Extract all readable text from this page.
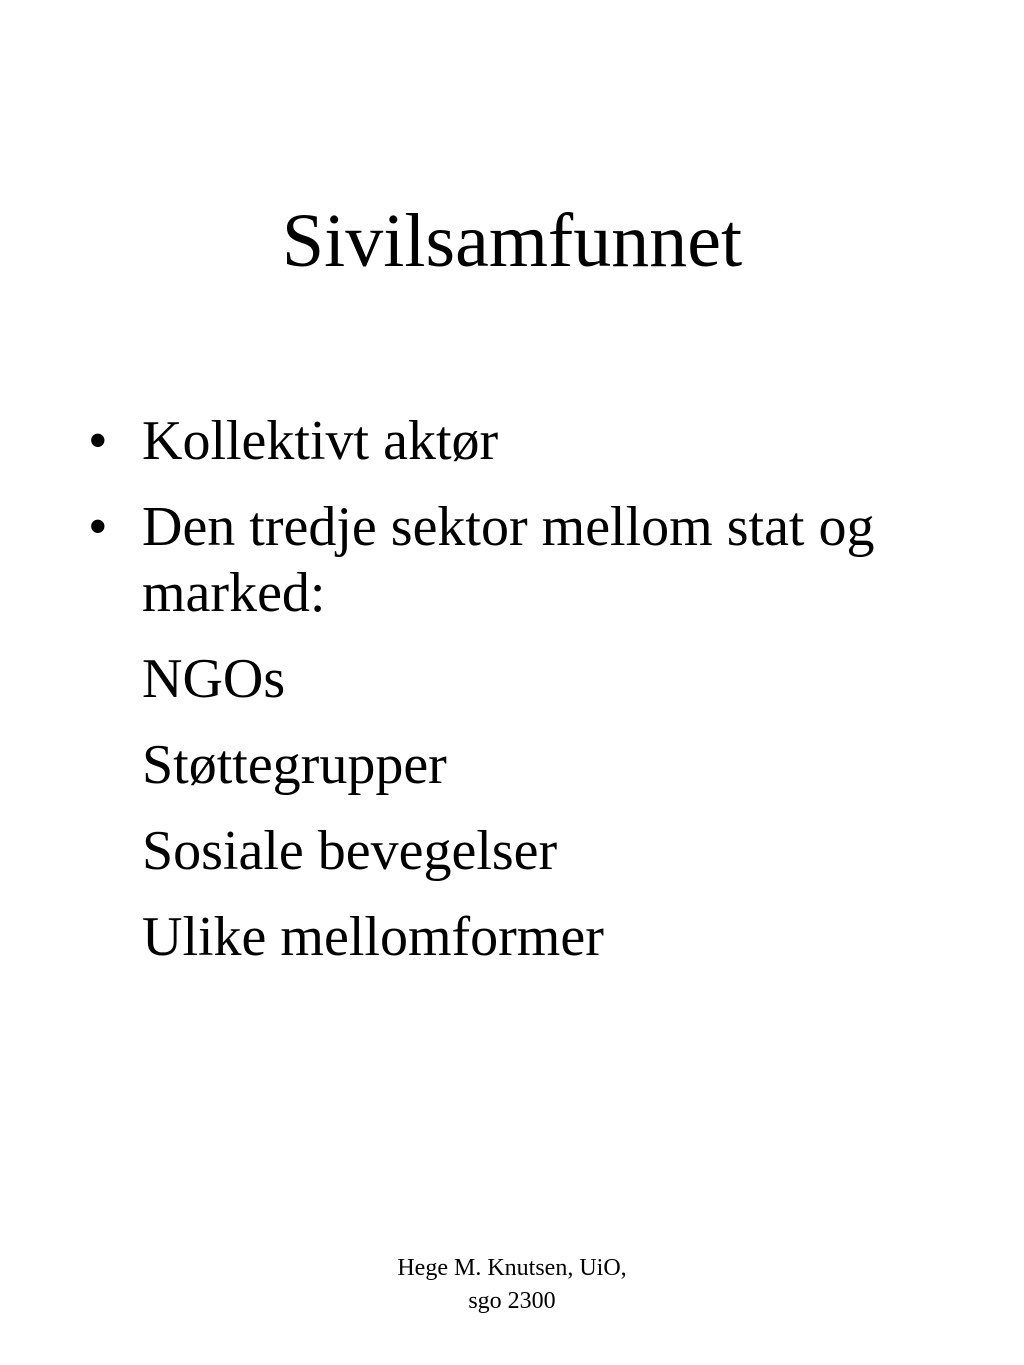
Sivilsamfunnet
• Kollektivt aktør
• Den tredje sektor mellom stat og marked:
NGOs
Støttegrupper
Sosiale bevegelser
Ulike mellomformer
Hege M. Knutsen, UiO,
sgo 2300
